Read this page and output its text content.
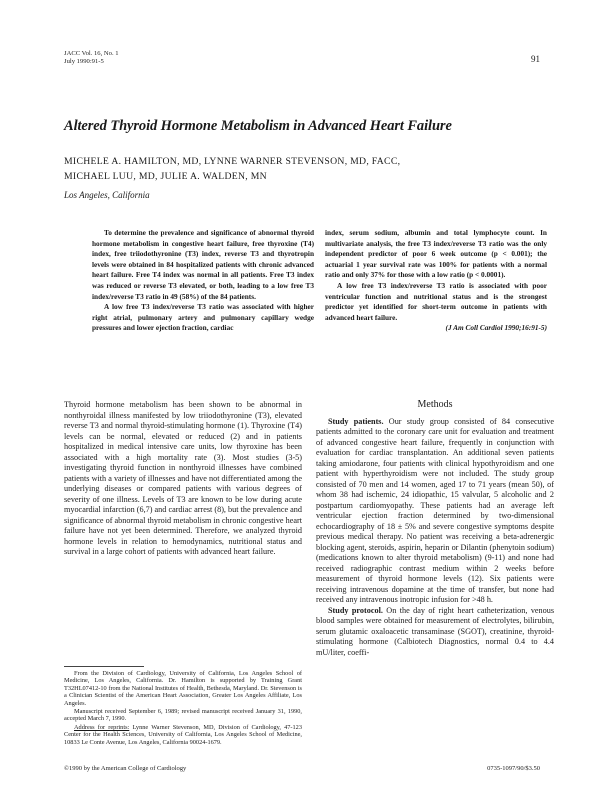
JACC Vol. 16, No. 1
July 1990:91-5	91
Altered Thyroid Hormone Metabolism in Advanced Heart Failure
MICHELE A. HAMILTON, MD, LYNNE WARNER STEVENSON, MD, FACC,
MICHAEL LUU, MD, JULIE A. WALDEN, MN
Los Angeles, California

To determine the prevalence and significance of abnormal thyroid hormone metabolism in congestive heart failure, free thyroxine (T4) index, free triiodothyronine (T3) index, reverse T3 and thyrotropin levels were obtained in 84 hospitalized patients with chronic advanced heart failure. Free T4 index was normal in all patients. Free T3 index was reduced or reverse T3 elevated, or both, leading to a low free T3 index/reverse T3 ratio in 49 (58%) of the 84 patients.

A low free T3 index/reverse T3 ratio was associated with higher right atrial, pulmonary artery and pulmonary capillary wedge pressures and lower ejection fraction, cardiac

index, serum sodium, albumin and total lymphocyte count. In multivariate analysis, the free T3 index/reverse T3 ratio was the only independent predictor of poor 6 week outcome (p < 0.001); the actuarial 1 year survival rate was 100% for patients with a normal ratio and only 37% for those with a low ratio (p < 0.0001).

A low free T3 index/reverse T3 ratio is associated with poor ventricular function and nutritional status and is the strongest predictor yet identified for short-term outcome in patients with advanced heart failure.

(J Am Coll Cardiol 1990;16:91-5)

Thyroid hormone metabolism has been shown to be abnormal in nonthyroidal illness manifested by low triiodothyronine (T3), elevated reverse T3 and normal thyroid-stimulating hormone (1). Thyroxine (T4) levels can be normal, elevated or reduced (2) and in patients hospitalized in medical intensive care units, low thyroxine has been associated with a high mortality rate (3). Most studies (3-5) investigating thyroid function in nonthyroid illnesses have combined patients with a variety of illnesses and have not differentiated among the underlying diseases or compared patients with various degrees of severity of one illness. Levels of T3 are known to be low during acute myocardial infarction (6,7) and cardiac arrest (8), but the prevalence and significance of abnormal thyroid metabolism in chronic congestive heart failure have not yet been determined. Therefore, we analyzed thyroid hormone levels in relation to hemodynamics, nutritional status and survival in a large cohort of patients with advanced heart failure.

From the Division of Cardiology, University of California, Los Angeles School of Medicine, Los Angeles, California. Dr. Hamilton is supported by Training Grant T32HL07412-10 from the National Institutes of Health, Bethesda, Maryland. Dr. Stevenson is a Clinician Scientist of the American Heart Association, Greater Los Angeles Affiliate, Los Angeles.

Manuscript received September 6, 1989; revised manuscript received January 31, 1990, accepted March 7, 1990.

Address for reprints: Lynne Warner Stevenson, MD, Division of Cardiology, 47-123 Center for the Health Sciences, University of California, Los Angeles School of Medicine, 10833 Le Conte Avenue, Los Angeles, California 90024-1679.

Methods

Study patients. Our study group consisted of 84 consecutive patients admitted to the coronary care unit for evaluation and treatment of advanced congestive heart failure, frequently in conjunction with evaluation for cardiac transplantation. An additional seven patients taking amiodarone, four patients with clinical hypothyroidism and one patient with hyperthyroidism were not included. The study group consisted of 70 men and 14 women, aged 17 to 71 years (mean 50), of whom 38 had ischemic, 24 idiopathic, 15 valvular, 5 alcoholic and 2 postpartum cardiomyopathy. These patients had an average left ventricular ejection fraction determined by two-dimensional echocardiography of 18 ± 5% and severe congestive symptoms despite previous medical therapy. No patient was receiving a beta-adrenergic blocking agent, steroids, aspirin, heparin or Dilantin (phenytoin sodium) (medications known to alter thyroid metabolism) (9-11) and none had received radiographic contrast medium within 2 weeks before measurement of thyroid hormone levels (12). Six patients were receiving intravenous dopamine at the time of transfer, but none had received any intravenous inotropic infusion for >48 h.

Study protocol. On the day of right heart catheterization, venous blood samples were obtained for measurement of electrolytes, bilirubin, serum glutamic oxaloacetic transaminase (SGOT), creatinine, thyroid-stimulating hormone (Calbiotech Diagnostics, normal 0.4 to 4.4 mU/liter, coeffi-

©1990 by the American College of Cardiology	0735-1097/90/$3.50
